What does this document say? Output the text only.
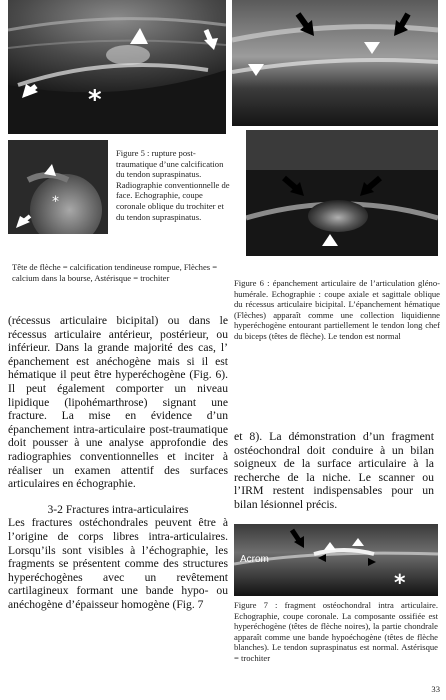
*
*
Figure 5 : rupture post-traumatique d’une calcification du tendon supraspinatus. Radiographie conventionnelle de face. Echographie, coupe coronale oblique du trochiter et du tendon supraspinatus.
Tête de flèche = calcification tendineuse rompue, Flèches = calcium dans la bourse, Astérisque = trochiter
Figure 6 : épanchement articulaire de l’articulation gléno-humérale. Echographie : coupe axiale et sagittale oblique du récessus articulaire bicipital. L’épanchement hématique (Flèches) apparaît comme une collection liquidienne hyperéchogène entourant partiellement le tendon long chef du biceps (têtes de flèche). Le tendon est normal

(récessus articulaire bicipital) ou dans le récessus articulaire antérieur, postérieur, ou inférieur. Dans la grande majorité des cas, l’ épanchement est anéchogène mais si il est hématique il peut être hyperéchogène (Fig. 6). Il peut également comporter un niveau lipidique (lipohémarthrose) signant une fracture. La mise en évidence d’un épanchement intra-articulaire post-traumatique doit pousser à une analyse approfondie des radiographies conventionnelles et inciter à réaliser un examen attentif des surfaces articulaires en échographie.

3-2 Fractures intra-articulaires

Les fractures ostéchondrales peuvent être à l’origine de corps libres intra-articulaires. Lorsqu’ils sont visibles à l’échographie, les fragments se présentent comme des structures hyperéchogènes avec un revêtement cartilagineux formant une bande hypo- ou anéchogène d’épaisseur homogène (Fig. 7

et 8). La démonstration d’un fragment ostéochondral doit conduire à un bilan soigneux de la surface articulaire à la recherche de la niche. Le scanner ou l’IRM restent indispensables pour un bilan lésionnel précis.
Acrom
*
Figure 7 : fragment ostéochondral intra articulaire. Echographie, coupe coronale. La composante ossifiée est hyperéchogène (têtes de flèche noires), la partie chondrale apparaît comme une bande hypoéchogène (têtes de flèche blanches). Le tendon supraspinatus est normal. Astérisque = trochiter
33
